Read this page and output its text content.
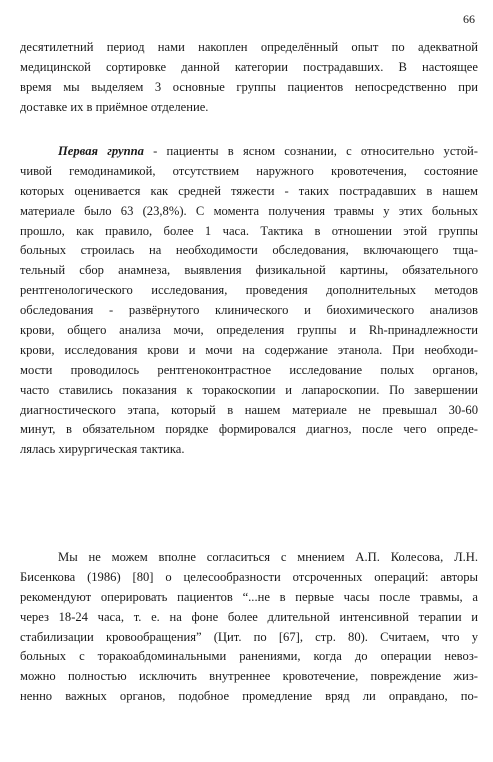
66
десятилетний период нами накоплен определённый опыт по адекватной
медицинской сортировке данной категории пострадавших. В настоящее
время мы выделяем 3 основные группы пациентов непосредственно при
доставке их в приёмное отделение.
Первая группа - пациенты в ясном сознании, с относительно устой-
чивой гемодинамикой, отсутствием наружного кровотечения, состояние
которых оценивается как средней тяжести - таких пострадавших в нашем
материале было 63 (23,8%). С момента получения травмы у этих больных
прошло, как правило, более 1 часа. Тактика в отношении этой группы
больных строилась на необходимости обследования, включающего тща-
тельный сбор анамнеза, выявления физикальной картины, обязательного
рентгенологического исследования, проведения дополнительных методов
обследования - развёрнутого клинического и биохимического анализов
крови, общего анализа мочи, определения группы и Rh-принадлежности
крови, исследования крови и мочи на содержание этанола. При необходи-
мости проводилось рентгеноконтрастное исследование полых органов,
часто ставились показания к торакоскопии и лапароскопии. По завершении
диагностического этапа, который в нашем материале не превышал 30-60
минут, в обязательном порядке формировался диагноз, после чего опреде-
лялась хирургическая тактика.
Мы не можем вполне согласиться с мнением А.П. Колесова, Л.Н.
Бисенкова (1986) [80] о целесообразности отсроченных операций: авторы
рекомендуют оперировать пациентов “...не в первые часы после травмы, а
через 18-24 часа, т. е. на фоне более длительной интенсивной терапии и
стабилизации кровообращения” (Цит. по [67], стр. 80). Считаем, что у
больных с торакоабдоминальными ранениями, когда до операции невоз-
можно полностью исключить внутреннее кровотечение, повреждение жиз-
ненно важных органов, подобное промедление вряд ли оправдано, по-
